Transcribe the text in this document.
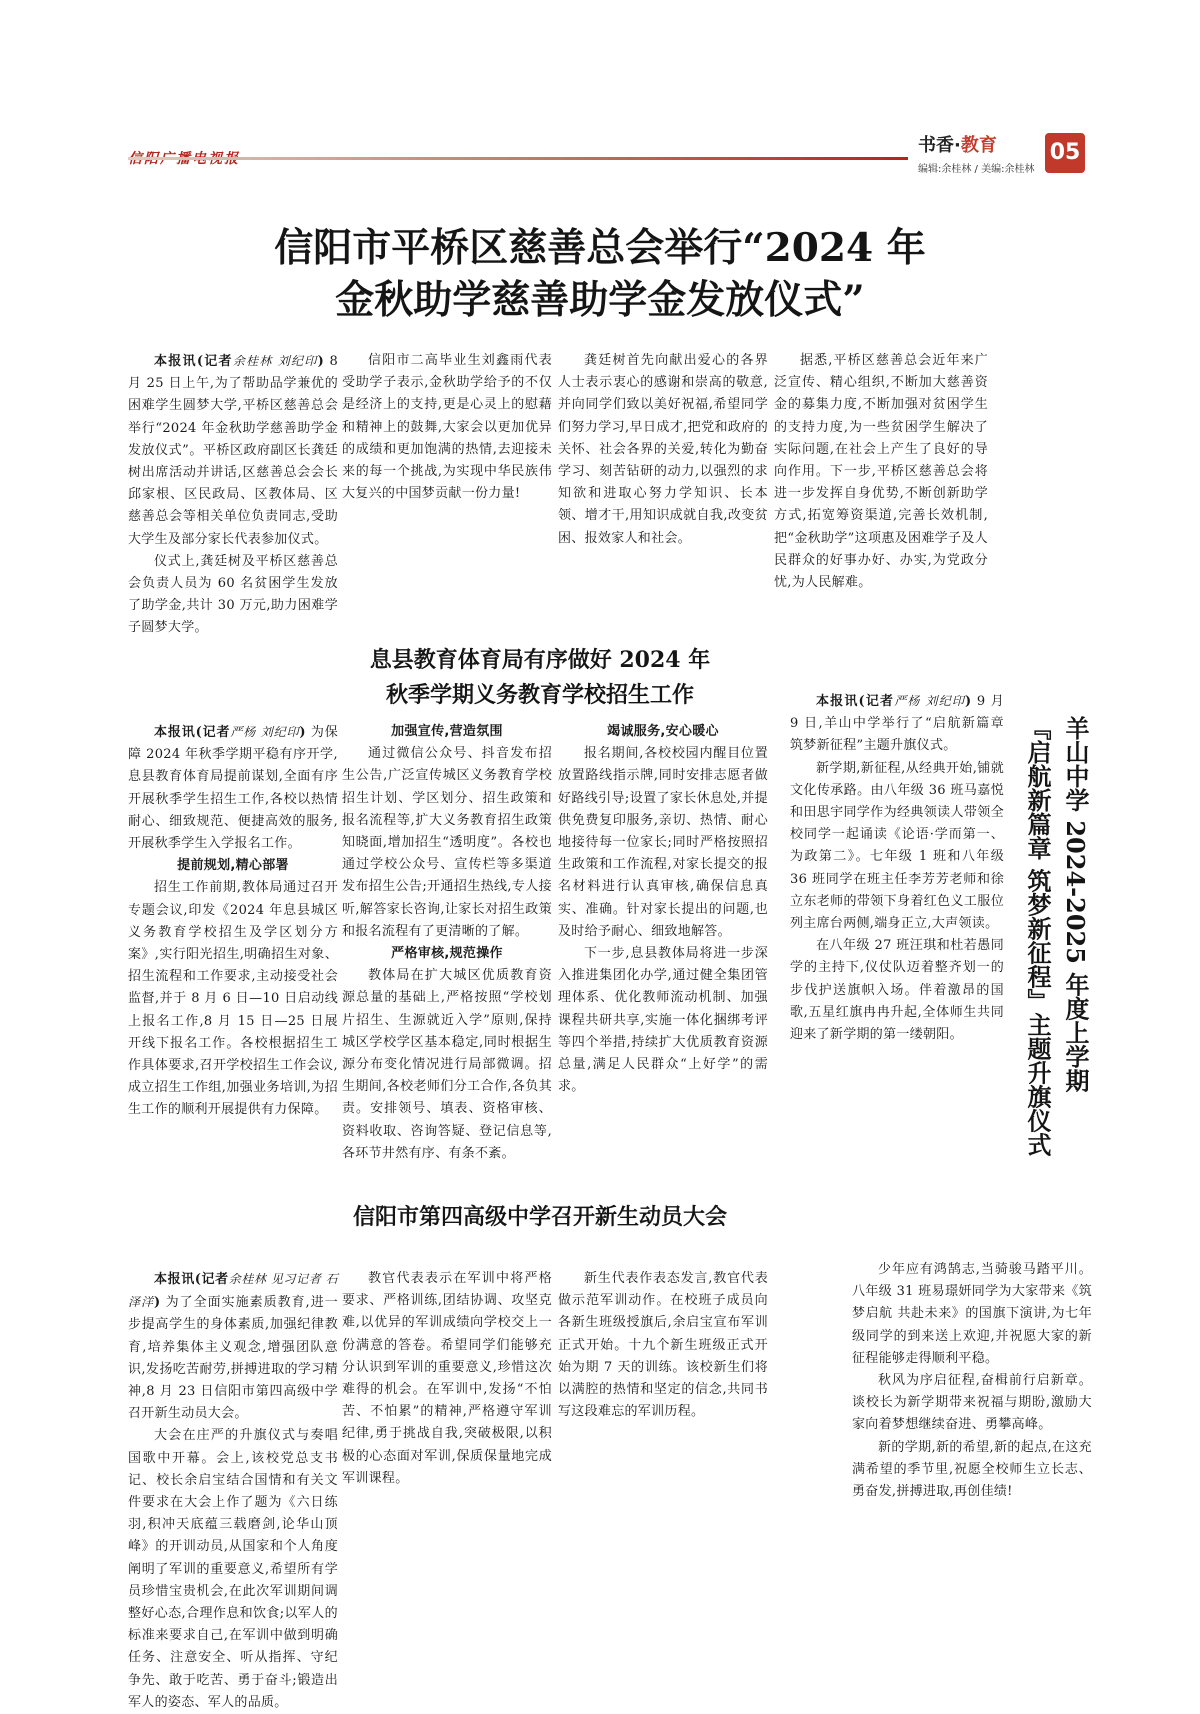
书香·教育
编辑:余桂林 / 美编:余桂林
05
信阳市平桥区慈善总会举行“2024 年
金秋助学慈善助学金发放仪式”

本报讯(记者余桂林 刘纪印) 8 月 25 日上午,为了帮助品学兼优的困难学生圆梦大学,平桥区慈善总会举行“2024 年金秋助学慈善助学金发放仪式”。平桥区政府副区长龚廷树出席活动并讲话,区慈善总会会长邱家根、区民政局、区教体局、区慈善总会等相关单位负责同志,受助大学生及部分家长代表参加仪式。

仪式上,龚廷树及平桥区慈善总会负责人员为 60 名贫困学生发放了助学金,共计 30 万元,助力困难学子圆梦大学。

龚廷树首先向献出爱心的各界人士表示衷心的感谢和崇高的敬意,并向同学们致以美好祝福,希望同学们努力学习,早日成才,把党和政府的关怀、社会各界的关爱,转化为勤奋学习、刻苦钻研的动力,以强烈的求知欲和进取心努力学知识、长本领、增才干,用知识成就自我,改变贫困、报效家人和社会。

信阳市二高毕业生刘鑫雨代表受助学子表示,金秋助学给予的不仅是经济上的支持,更是心灵上的慰藉和精神上的鼓舞,大家会以更加优异的成绩和更加饱满的热情,去迎接未来的每一个挑战,为实现中华民族伟大复兴的中国梦贡献一份力量!

据悉,平桥区慈善总会近年来广泛宣传、精心组织,不断加大慈善资金的募集力度,不断加强对贫困学生的支持力度,为一些贫困学生解决了实际问题,在社会上产生了良好的导向作用。下一步,平桥区慈善总会将进一步发挥自身优势,不断创新助学方式,拓宽筹资渠道,完善长效机制,把“金秋助学”这项惠及困难学子及人民群众的好事办好、办实,为党政分忧,为人民解难。

息县教育体育局有序做好 2024 年
秋季学期义务教育学校招生工作

本报讯(记者严杨 刘纪印) 为保障 2024 年秋季学期平稳有序开学,息县教育体育局提前谋划,全面有序开展秋季学生招生工作,各校以热情耐心、细致规范、便捷高效的服务,开展秋季学生入学报名工作。

提前规划,精心部署

招生工作前期,教体局通过召开专题会议,印发《2024 年息县城区义务教育学校招生及学区划分方案》,实行阳光招生,明确招生对象、招生流程和工作要求,主动接受社会监督,并于 8 月 6 日—10 日启动线上报名工作,8 月 15 日—25 日展开线下报名工作。各校根据招生工作具体要求,召开学校招生工作会议,成立招生工作组,加强业务培训,为招生工作的顺利开展提供有力保障。

加强宣传,营造氛围

通过微信公众号、抖音发布招生公告,广泛宣传城区义务教育学校招生计划、学区划分、招生政策和报名流程等,扩大义务教育招生政策知晓面,增加招生“透明度”。各校也通过学校公众号、宣传栏等多渠道发布招生公告;开通招生热线,专人接听,解答家长咨询,让家长对招生政策和报名流程有了更清晰的了解。

严格审核,规范操作

教体局在扩大城区优质教育资源总量的基础上,严格按照“学校划片招生、生源就近入学”原则,保持城区学校学区基本稳定,同时根据生源分布变化情况进行局部微调。招生期间,各校老师们分工合作,各负其责。安排领号、填表、资格审核、资料收取、咨询答疑、登记信息等,各环节井然有序、有条不紊。

竭诚服务,安心暖心

报名期间,各校校园内醒目位置放置路线指示牌,同时安排志愿者做好路线引导;设置了家长休息处,并提供免费复印服务,亲切、热情、耐心地接待每一位家长;同时严格按照招生政策和工作流程,对家长提交的报名材料进行认真审核,确保信息真实、准确。针对家长提出的问题,也及时给予耐心、细致地解答。

下一步,息县教体局将进一步深入推进集团化办学,通过健全集团管理体系、优化教师流动机制、加强课程共研共享,实施一体化捆绑考评等四个举措,持续扩大优质教育资源总量,满足人民群众“上好学”的需求。

本报讯(记者严杨 刘纪印) 9 月 9 日,羊山中学举行了“启航新篇章 筑梦新征程”主题升旗仪式。

新学期,新征程,从经典开始,铺就文化传承路。由八年级 36 班马嘉悦和田思宇同学作为经典领读人带领全校同学一起诵读《论语·学而第一、为政第二》。七年级 1 班和八年级 36 班同学在班主任李芳芳老师和徐立东老师的带领下身着红色义工服位列主席台两侧,端身正立,大声领读。

在八年级 27 班汪琪和杜若愚同学的主持下,仪仗队迈着整齐划一的步伐护送旗帜入场。伴着激昂的国歌,五星红旗冉冉升起,全体师生共同迎来了新学期的第一缕朝阳。	羊山中学 2024-2025 年度上学期
『启航新篇章 筑梦新征程』主题升旗仪式

少年应有鸿鹄志,当骑骏马踏平川。八年级 31 班易璟妍同学为大家带来《筑梦启航 共赴未来》的国旗下演讲,为七年级同学的到来送上欢迎,并祝愿大家的新征程能够走得顺利平稳。

秋风为序启征程,奋楫前行启新章。谈校长为新学期带来祝福与期盼,激励大家向着梦想继续奋进、勇攀高峰。

新的学期,新的希望,新的起点,在这充满希望的季节里,祝愿全校师生立长志、勇奋发,拼搏进取,再创佳绩!

信阳市第四高级中学召开新生动员大会

本报讯(记者余桂林 见习记者 石泽洋) 为了全面实施素质教育,进一步提高学生的身体素质,加强纪律教育,培养集体主义观念,增强团队意识,发扬吃苦耐劳,拼搏进取的学习精神,8 月 23 日信阳市第四高级中学召开新生动员大会。

大会在庄严的升旗仪式与奏唱国歌中开幕。会上,该校党总支书记、校长余启宝结合国情和有关文件要求在大会上作了题为《六日练羽,积冲天底蕴三载磨剑,论华山顶峰》的开训动员,从国家和个人角度阐明了军训的重要意义,希望所有学员珍惜宝贵机会,在此次军训期间调整好心态,合理作息和饮食;以军人的标准来要求自己,在军训中做到明确任务、注意安全、听从指挥、守纪争先、敢于吃苦、勇于奋斗;锻造出军人的姿态、军人的品质。

教官代表表示在军训中将严格要求、严格训练,团结协调、攻坚克难,以优异的军训成绩向学校交上一份满意的答卷。希望同学们能够充分认识到军训的重要意义,珍惜这次难得的机会。在军训中,发扬“不怕苦、不怕累”的精神,严格遵守军训纪律,勇于挑战自我,突破极限,以积极的心态面对军训,保质保量地完成军训课程。

新生代表作表态发言,教官代表做示范军训动作。在校班子成员向各新生班级授旗后,余启宝宣布军训正式开始。十九个新生班级正式开始为期 7 天的训练。该校新生们将以满腔的热情和坚定的信念,共同书写这段难忘的军训历程。
